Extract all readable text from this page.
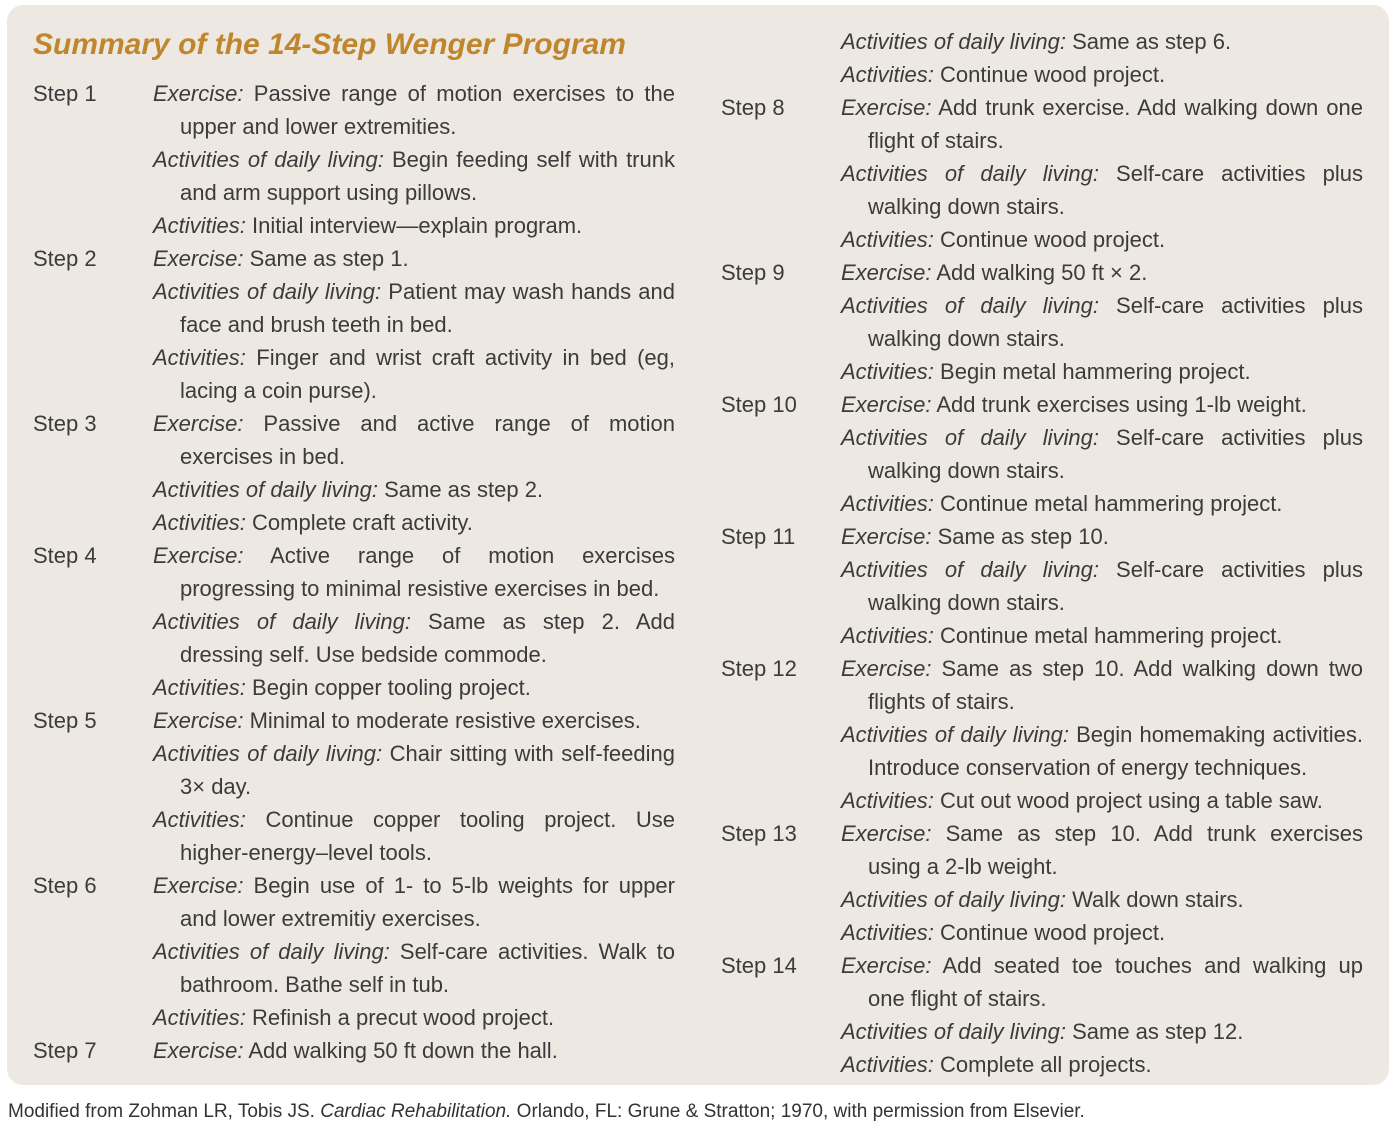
Summary of the 14-Step Wenger Program
Step 1	Exercise: Passive range of motion exercises to the upper and lower extremities.

Activities of daily living: Begin feeding self with trunk and arm support using pillows.

Activities: Initial interview—explain program.

Step 2	Exercise: Same as step 1.

Activities of daily living: Patient may wash hands and face and brush teeth in bed.

Activities: Finger and wrist craft activity in bed (eg, lacing a coin purse).

Step 3	Exercise: Passive and active range of motion exercises in bed.

Activities of daily living: Same as step 2.

Activities: Complete craft activity.

Step 4	Exercise: Active range of motion exercises progressing to minimal resistive exercises in bed.

Activities of daily living: Same as step 2. Add dressing self. Use bedside commode.

Activities: Begin copper tooling project.

Step 5	Exercise: Minimal to moderate resistive exercises.

Activities of daily living: Chair sitting with self-feeding 3× day.

Activities: Continue copper tooling project. Use higher-energy–level tools.

Step 6	Exercise: Begin use of 1- to 5-lb weights for upper and lower extremitiy exercises.

Activities of daily living: Self-care activities. Walk to bathroom. Bathe self in tub.

Activities: Refinish a precut wood project.

Step 7	Exercise: Add walking 50 ft down the hall.

Activities of daily living: Same as step 6.

Activities: Continue wood project.

Step 8	Exercise: Add trunk exercise. Add walking down one flight of stairs.

Activities of daily living: Self-care activities plus walking down stairs.

Activities: Continue wood project.

Step 9	Exercise: Add walking 50 ft × 2.

Activities of daily living: Self-care activities plus walking down stairs.

Activities: Begin metal hammering project.

Step 10	Exercise: Add trunk exercises using 1-lb weight.

Activities of daily living: Self-care activities plus walking down stairs.

Activities: Continue metal hammering project.

Step 11	Exercise: Same as step 10.

Activities of daily living: Self-care activities plus walking down stairs.

Activities: Continue metal hammering project.

Step 12	Exercise: Same as step 10. Add walking down two flights of stairs.

Activities of daily living: Begin homemaking activities. Introduce conservation of energy techniques.

Activities: Cut out wood project using a table saw.

Step 13	Exercise: Same as step 10. Add trunk exercises using a 2-lb weight.

Activities of daily living: Walk down stairs.

Activities: Continue wood project.

Step 14	Exercise: Add seated toe touches and walking up one flight of stairs.

Activities of daily living: Same as step 12.

Activities: Complete all projects.

Modified from Zohman LR, Tobis JS. Cardiac Rehabilitation. Orlando, FL: Grune & Stratton; 1970, with permission from Elsevier.
